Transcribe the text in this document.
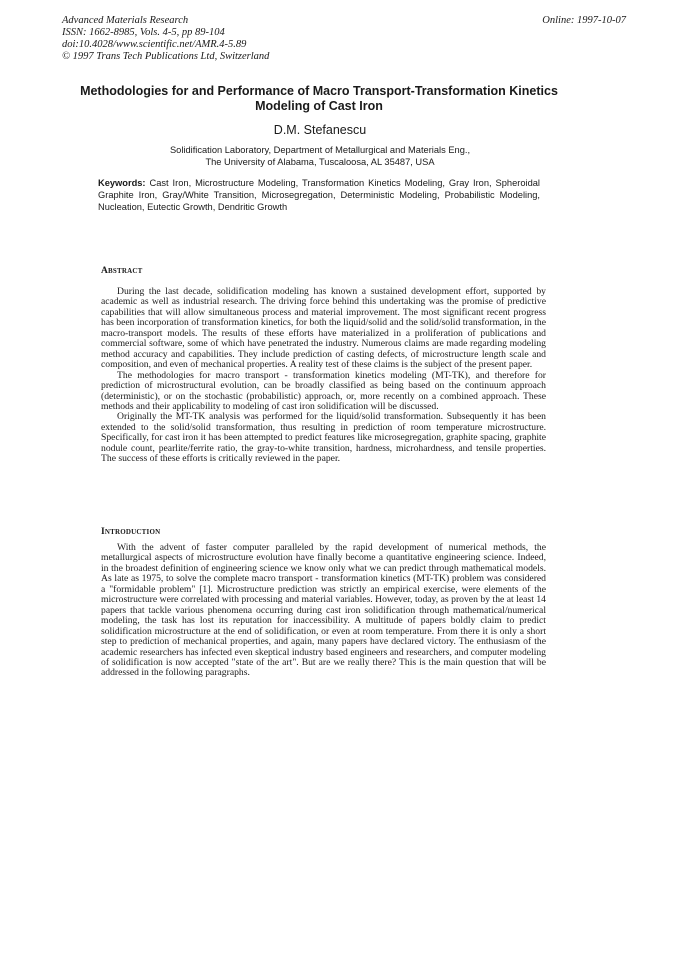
Advanced Materials Research
ISSN: 1662-8985, Vols. 4-5, pp 89-104
doi:10.4028/www.scientific.net/AMR.4-5.89
© 1997 Trans Tech Publications Ltd, Switzerland
Online: 1997-10-07
Methodologies for and Performance of Macro Transport-Transformation Kinetics Modeling of Cast Iron
D.M. Stefanescu
Solidification Laboratory, Department of Metallurgical and Materials Eng.,
The University of Alabama, Tuscaloosa, AL 35487, USA
Keywords: Cast Iron, Microstructure Modeling, Transformation Kinetics Modeling, Gray Iron, Spheroidal Graphite Iron, Gray/White Transition, Microsegregation, Deterministic Modeling, Probabilistic Modeling, Nucleation, Eutectic Growth, Dendritic Growth
Abstract

During the last decade, solidification modeling has known a sustained development effort, supported by academic as well as industrial research. The driving force behind this undertaking was the promise of predictive capabilities that will allow simultaneous process and material improvement. The most significant recent progress has been incorporation of transformation kinetics, for both the liquid/solid and the solid/solid transformation, in the macro-transport models. The results of these efforts have materialized in a proliferation of publications and commercial software, some of which have penetrated the industry. Numerous claims are made regarding modeling method accuracy and capabilities. They include prediction of casting defects, of microstructure length scale and composition, and even of mechanical properties. A reality test of these claims is the subject of the present paper.

The methodologies for macro transport - transformation kinetics modeling (MT-TK), and therefore for prediction of microstructural evolution, can be broadly classified as being based on the continuum approach (deterministic), or on the stochastic (probabilistic) approach, or, more recently on a combined approach. These methods and their applicability to modeling of cast iron solidification will be discussed.

Originally the MT-TK analysis was performed for the liquid/solid transformation. Subsequently it has been extended to the solid/solid transformation, thus resulting in prediction of room temperature microstructure. Specifically, for cast iron it has been attempted to predict features like microsegregation, graphite spacing, graphite nodule count, pearlite/ferrite ratio, the gray-to-white transition, hardness, microhardness, and tensile properties. The success of these efforts is critically reviewed in the paper.

Introduction

With the advent of faster computer paralleled by the rapid development of numerical methods, the metallurgical aspects of microstructure evolution have finally become a quantitative engineering science. Indeed, in the broadest definition of engineering science we know only what we can predict through mathematical models. As late as 1975, to solve the complete macro transport - transformation kinetics (MT-TK) problem was considered a "formidable problem" [1]. Microstructure prediction was strictly an empirical exercise, were elements of the microstructure were correlated with processing and material variables. However, today, as proven by the at least 14 papers that tackle various phenomena occurring during cast iron solidification through mathematical/numerical modeling, the task has lost its reputation for inaccessibility. A multitude of papers boldly claim to predict solidification microstructure at the end of solidification, or even at room temperature. From there it is only a short step to prediction of mechanical properties, and again, many papers have declared victory. The enthusiasm of the academic researchers has infected even skeptical industry based engineers and researchers, and computer modeling of solidification is now accepted "state of the art". But are we really there? This is the main question that will be addressed in the following paragraphs.
